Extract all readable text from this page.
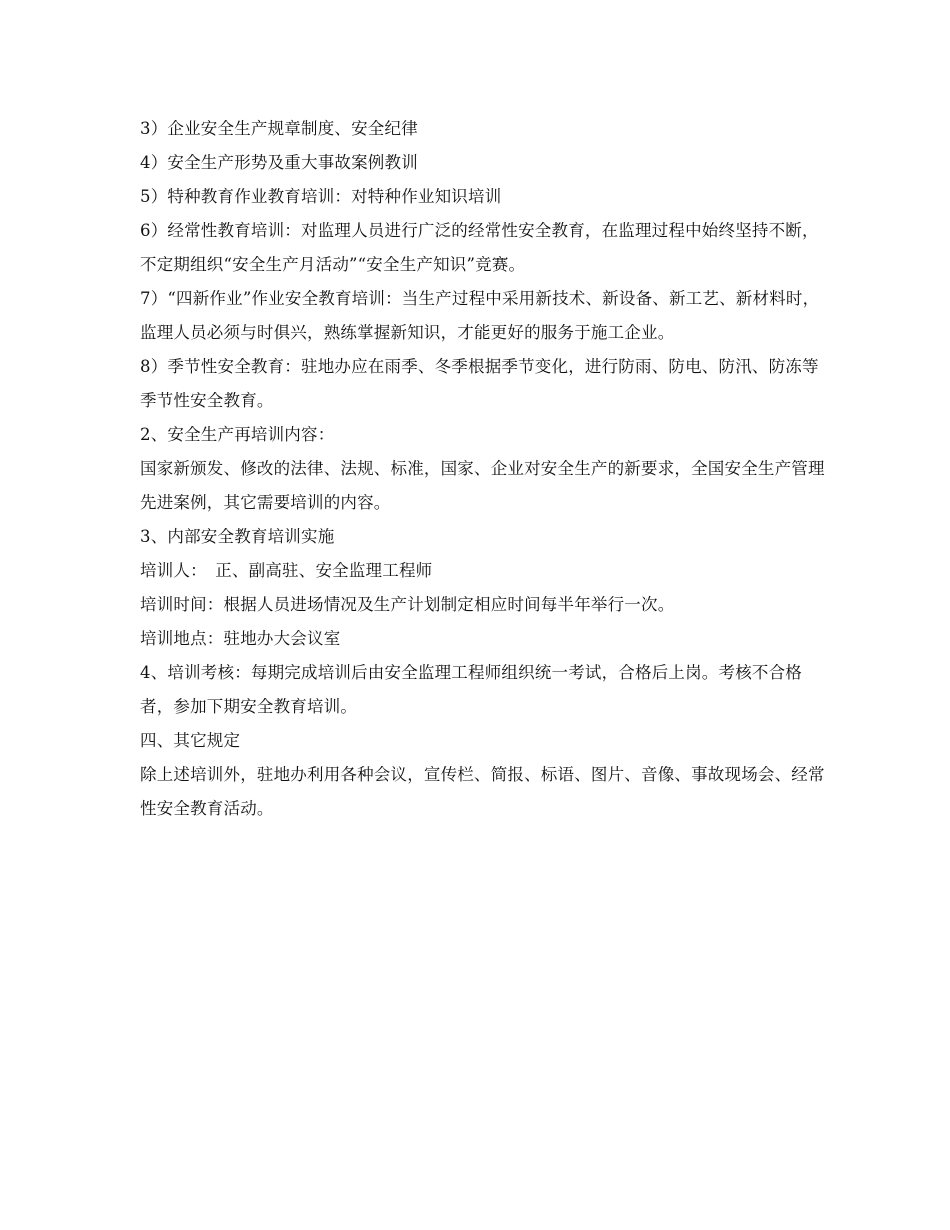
3）企业安全生产规章制度、安全纪律

4）安全生产形势及重大事故案例教训

5）特种教育作业教育培训：对特种作业知识培训

6）经常性教育培训：对监理人员进行广泛的经常性安全教育，在监理过程中始终坚持不断，不定期组织“安全生产月活动”“安全生产知识”竞赛。

7）“四新作业”作业安全教育培训：当生产过程中采用新技术、新设备、新工艺、新材料时，监理人员必须与时俱兴，熟练掌握新知识，才能更好的服务于施工企业。

8）季节性安全教育：驻地办应在雨季、冬季根据季节变化，进行防雨、防电、防汛、防冻等季节性安全教育。

2、安全生产再培训内容：

国家新颁发、修改的法律、法规、标准，国家、企业对安全生产的新要求，全国安全生产管理先进案例，其它需要培训的内容。

3、内部安全教育培训实施

培训人：　正、副高驻、安全监理工程师

培训时间：根据人员进场情况及生产计划制定相应时间每半年举行一次。

培训地点：驻地办大会议室

4、培训考核：每期完成培训后由安全监理工程师组织统一考试，合格后上岗。考核不合格者，参加下期安全教育培训。

四、其它规定

除上述培训外，驻地办利用各种会议，宣传栏、简报、标语、图片、音像、事故现场会、经常性安全教育活动。
